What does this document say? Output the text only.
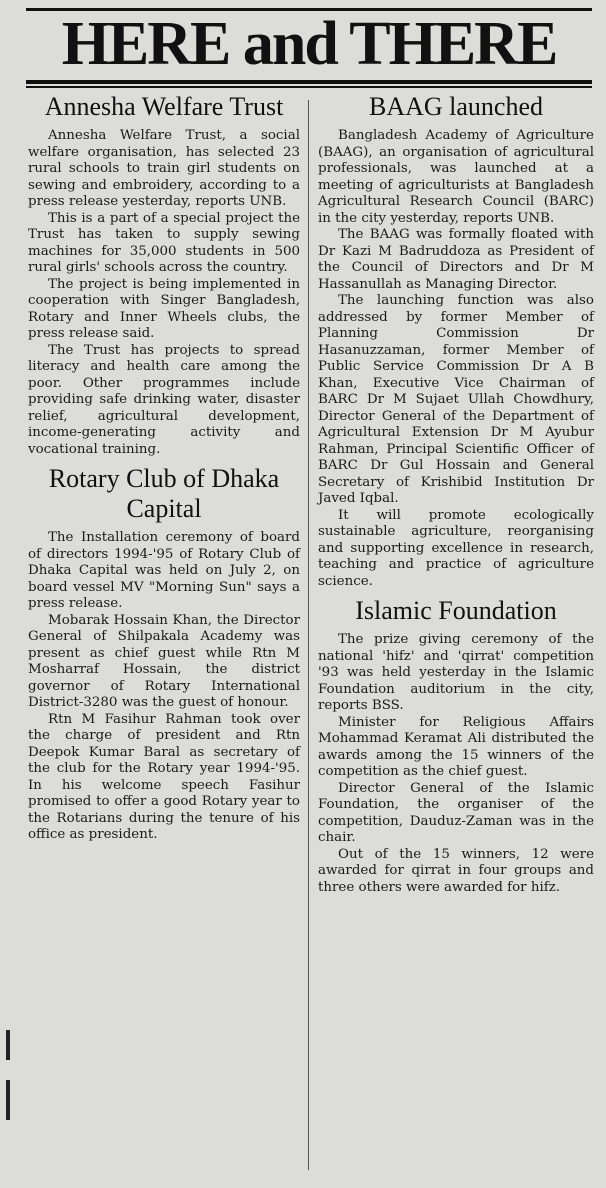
HERE and THERE
Annesha Welfare Trust

Annesha Welfare Trust, a social welfare organisation, has selected 23 rural schools to train girl students on sewing and embroidery, according to a press release yesterday, reports UNB.

This is a part of a special project the Trust has taken to supply sewing machines for 35,000 students in 500 rural girls' schools across the country.

The project is being implemented in cooperation with Singer Bangladesh, Rotary and Inner Wheels clubs, the press release said.

The Trust has projects to spread literacy and health care among the poor. Other programmes include providing safe drinking water, disaster relief, agricultural development, income-generating activity and vocational training.

Rotary Club of Dhaka Capital

The Installation ceremony of board of directors 1994-'95 of Rotary Club of Dhaka Capital was held on July 2, on board vessel MV "Morning Sun" says a press release.

Mobarak Hossain Khan, the Director General of Shilpakala Academy was present as chief guest while Rtn M Mosharraf Hossain, the district governor of Rotary International District-3280 was the guest of honour.

Rtn M Fasihur Rahman took over the charge of president and Rtn Deepok Kumar Baral as secretary of the club for the Rotary year 1994-'95. In his welcome speech Fasihur promised to offer a good Rotary year to the Rotarians during the tenure of his office as president.

BAAG launched

Bangladesh Academy of Agriculture (BAAG), an organisation of agricultural professionals, was launched at a meeting of agriculturists at Bangladesh Agricultural Research Council (BARC) in the city yesterday, reports UNB.

The BAAG was formally floated with Dr Kazi M Badruddoza as President of the Council of Directors and Dr M Hassanullah as Managing Director.

The launching function was also addressed by former Member of Planning Commission Dr Hasanuzzaman, former Member of Public Service Commission Dr A B Khan, Executive Vice Chairman of BARC Dr M Sujaet Ullah Chowdhury, Director General of the Department of Agricultural Extension Dr M Ayubur Rahman, Principal Scientific Officer of BARC Dr Gul Hossain and General Secretary of Krishibid Institution Dr Javed Iqbal.

It will promote ecologically sustainable agriculture, reorganising and supporting excellence in research, teaching and practice of agriculture science.

Islamic Foundation

The prize giving ceremony of the national 'hifz' and 'qirrat' competition '93 was held yesterday in the Islamic Foundation auditorium in the city, reports BSS.

Minister for Religious Affairs Mohammad Keramat Ali distributed the awards among the 15 winners of the competition as the chief guest.

Director General of the Islamic Foundation, the organiser of the competition, Dauduz-Zaman was in the chair.

Out of the 15 winners, 12 were awarded for qirrat in four groups and three others were awarded for hifz.
